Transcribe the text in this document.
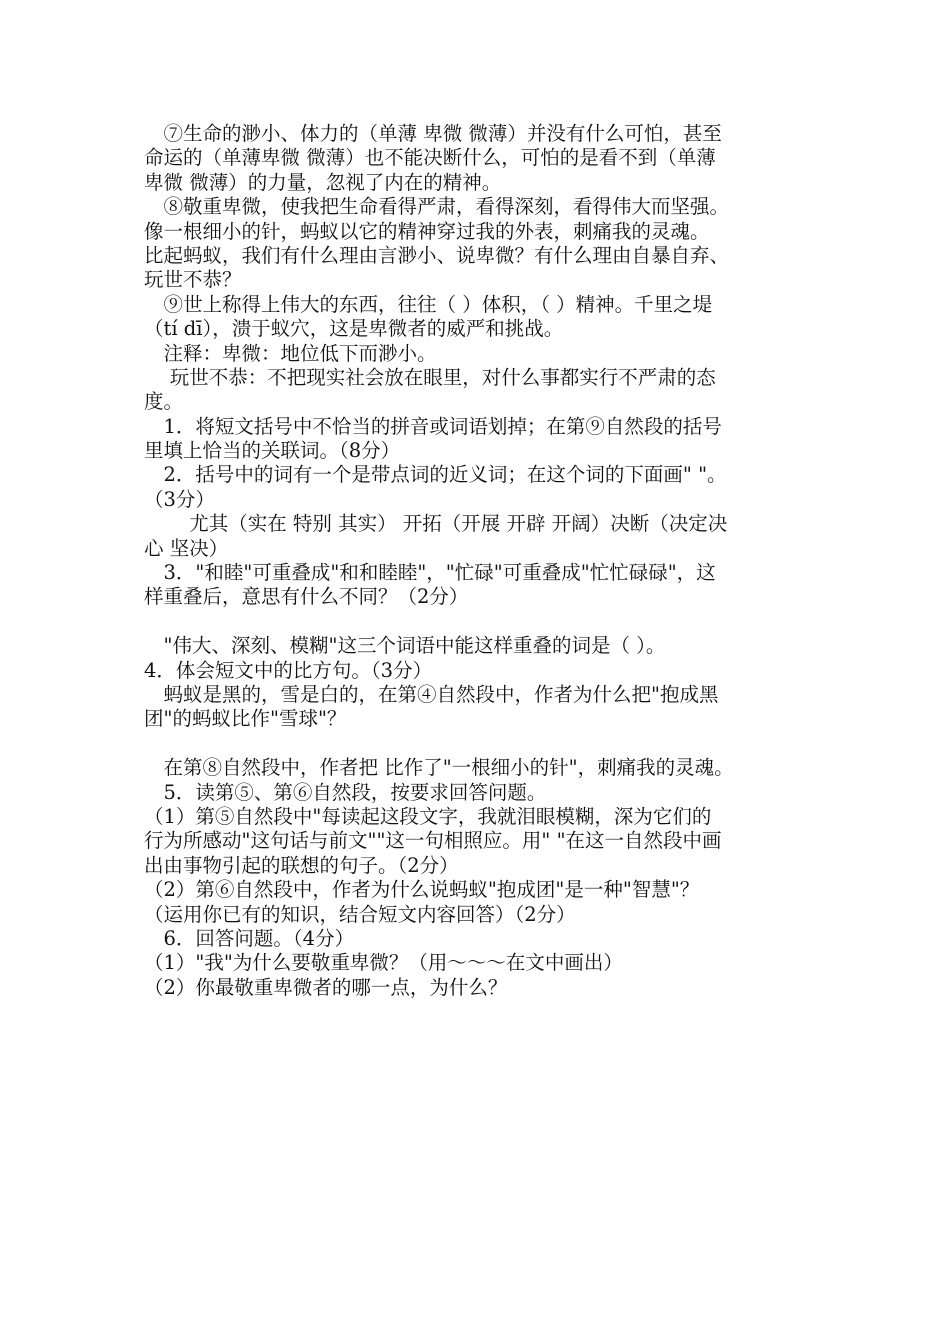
　⑦生命的渺小、体力的（单薄 卑微 微薄）并没有什么可怕，甚至
命运的（单薄卑微 微薄）也不能决断什么，可怕的是看不到（单薄
卑微 微薄）的力量，忽视了内在的精神。
　⑧敬重卑微，使我把生命看得严肃，看得深刻，看得伟大而坚强。
像一根细小的针，蚂蚁以它的精神穿过我的外表，刺痛我的灵魂。
比起蚂蚁，我们有什么理由言渺小、说卑微？有什么理由自暴自弃、
玩世不恭？
　⑨世上称得上伟大的东西，往往（ ）体积，（ ）精神。千里之堤
（tí dī），溃于蚁穴，这是卑微者的威严和挑战。
　注释：卑微：地位低下而渺小。
　 玩世不恭：不把现实社会放在眼里，对什么事都实行不严肃的态
度。
　1．将短文括号中不恰当的拼音或词语划掉；在第⑨自然段的括号
里填上恰当的关联词。（8分）
　2．括号中的词有一个是带点词的近义词；在这个词的下面画" "。
（3分）
　　 尤其（实在 特别 其实） 开拓（开展 开辟 开阔）决断（决定决
心 坚决）
　3．"和睦"可重叠成"和和睦睦"，"忙碌"可重叠成"忙忙碌碌"，这
样重叠后，意思有什么不同？（2分）
　"伟大、深刻、模糊"这三个词语中能这样重叠的词是（ ）。
4．体会短文中的比方句。（3分）
　蚂蚁是黑的，雪是白的，在第④自然段中，作者为什么把"抱成黑
团"的蚂蚁比作"雪球"？
　在第⑧自然段中，作者把 比作了"一根细小的针"，刺痛我的灵魂。
　5．读第⑤、第⑥自然段，按要求回答问题。
（1）第⑤自然段中"每读起这段文字，我就泪眼模糊，深为它们的
行为所感动"这句话与前文""这一句相照应。用" "在这一自然段中画
出由事物引起的联想的句子。（2分）
（2）第⑥自然段中，作者为什么说蚂蚁"抱成团"是一种"智慧"？
（运用你已有的知识，结合短文内容回答）（2分）
　6．回答问题。（4分）
（1）"我"为什么要敬重卑微？（用～～～在文中画出）
（2）你最敬重卑微者的哪一点，为什么？
